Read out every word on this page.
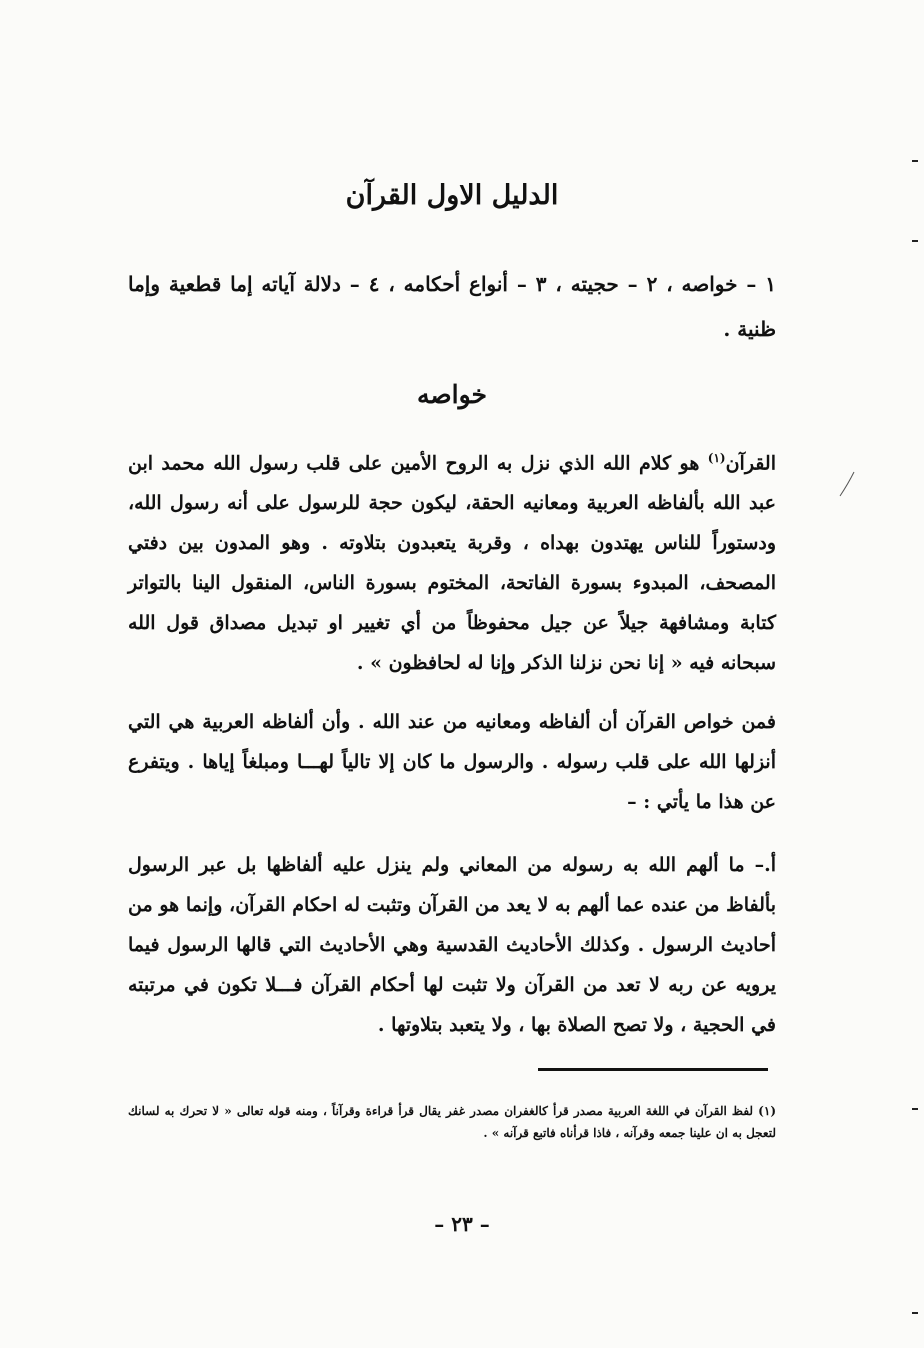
الدليل الاول القرآن
١ – خواصه ، ٢ – حجيته ، ٣ – أنواع أحكامه ، ٤ – دلالة آياته إما قطعية وإما ظنية .
خواصه
القرآن$^{(١)}$ هو كلام الله الذي نزل به الروح الأمين على قلب رسول الله محمد ابن عبد الله بألفاظه العربية ومعانيه الحقة، ليكون حجة للرسول على أنه رسول الله، ودستوراً للناس يهتدون بهداه ، وقربة يتعبدون بتلاوته . وهو المدون بين دفتي المصحف، المبدوء بسورة الفاتحة، المختوم بسورة الناس، المنقول الينا بالتواتر كتابة ومشافهة جيلاً عن جيل محفوظاً من أي تغيير او تبديل مصداق قول الله سبحانه فيه « إنا نحن نزلنا الذكر وإنا له لحافظون » .
فمن خواص القرآن أن ألفاظه ومعانيه من عند الله . وأن ألفاظه العربية هي التي أنزلها الله على قلب رسوله . والرسول ما كان إلا تالياً لهـــا ومبلغاً إياها . ويتفرع عن هذا ما يأتي : –
أ.– ما ألهم الله به رسوله من المعاني ولم ينزل عليه ألفاظها بل عبر الرسول بألفاظ من عنده عما ألهم به لا يعد من القرآن وتثبت له احكام القرآن، وإنما هو من أحاديث الرسول . وكذلك الأحاديث القدسية وهي الأحاديث التي قالها الرسول فيما يرويه عن ربه لا تعد من القرآن ولا تثبت لها أحكام القرآن فـــلا تكون في مرتبته في الحجية ، ولا تصح الصلاة بها ، ولا يتعبد بتلاوتها .
(١) لفظ القرآن في اللغة العربية مصدر قرأ كالغفران مصدر غفر يقال قرأ قراءة وقرآناً ، ومنه قوله تعالى « لا تحرك به لسانك لتعجل به ان علينا جمعه وقرآنه ، فاذا قرأناه فاتبع قرآنه » .
– ٢٣ –
